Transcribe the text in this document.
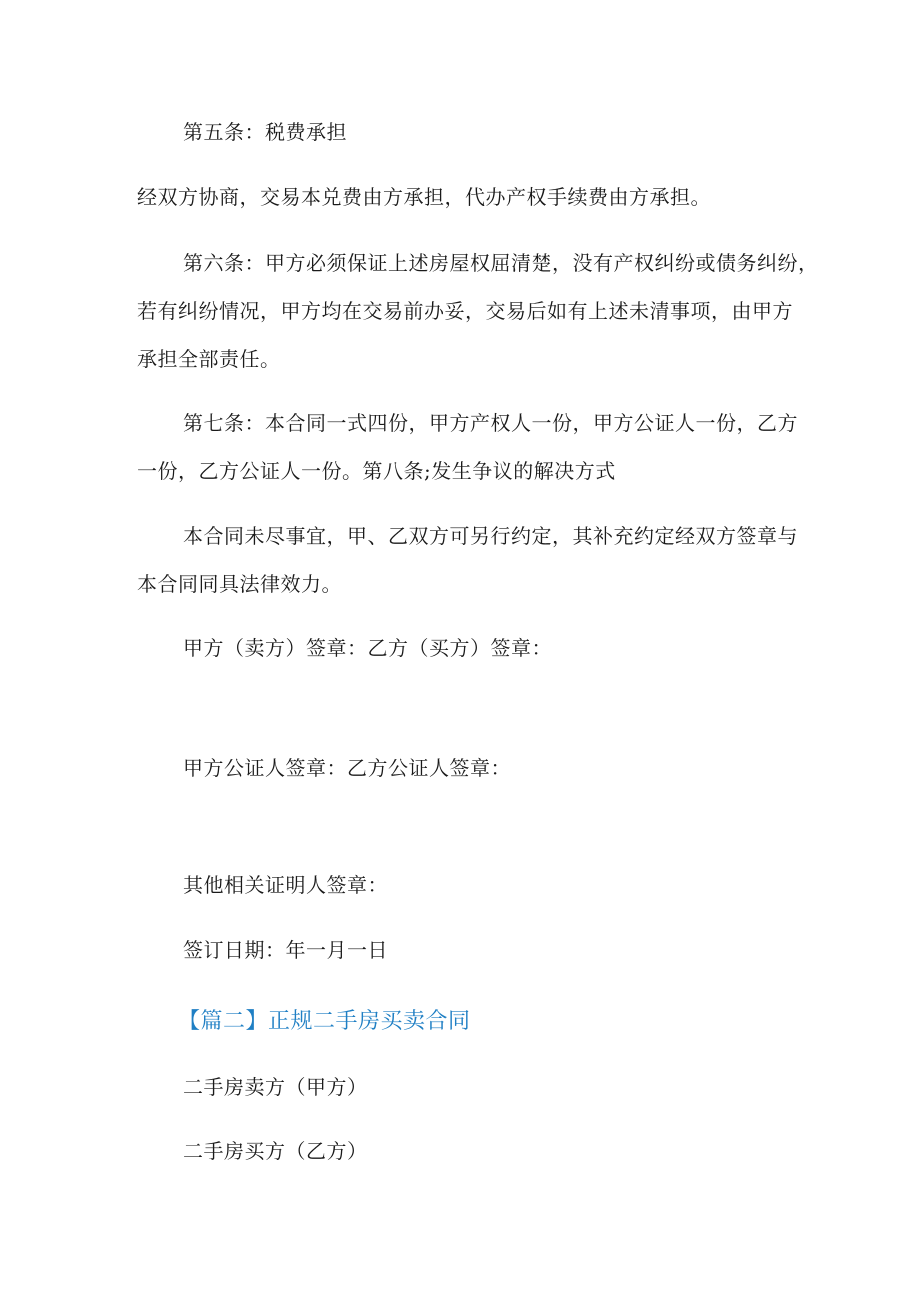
第五条：税费承担
经双方协商，交易本兑费由方承担，代办产权手续费由方承担。
第六条：甲方必须保证上述房屋权屈清楚，没有产权纠纷或债务纠纷，
若有纠纷情况，甲方均在交易前办妥，交易后如有上述未清事项，由甲方
承担全部责任。
第七条：本合同一式四份，甲方产权人一份，甲方公证人一份，乙方
一份，乙方公证人一份。第八条;发生争议的解决方式
本合同未尽事宜，甲、乙双方可另行约定，其补充约定经双方签章与
本合同同具法律效力。
甲方（卖方）签章：乙方（买方）签章：
甲方公证人签章：乙方公证人签章：
其他相关证明人签章：
签订日期：年一月一日
【篇二】正规二手房买卖合同
二手房卖方（甲方）
二手房买方（乙方）
